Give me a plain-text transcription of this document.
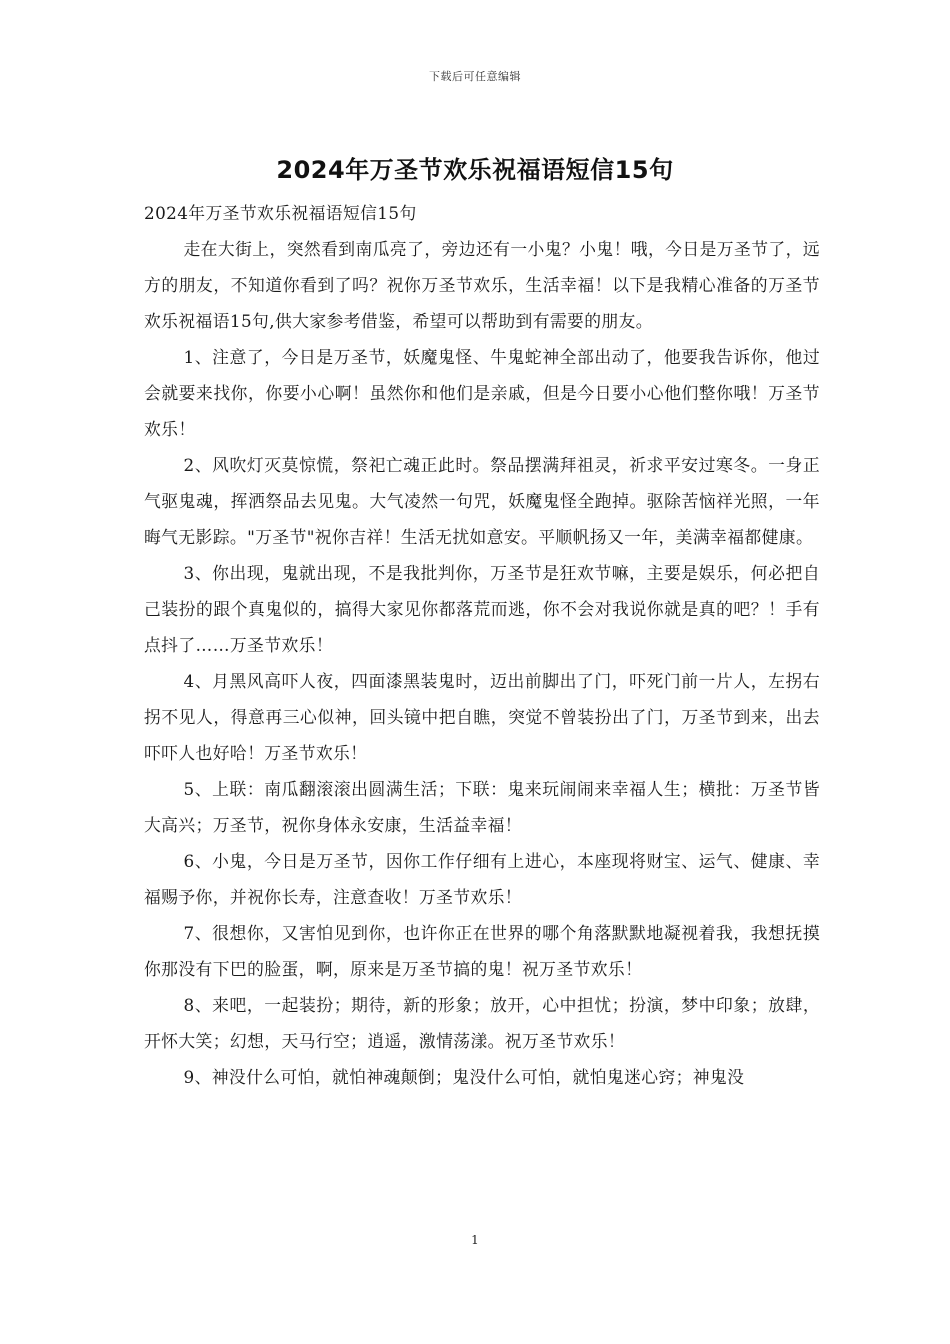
下载后可任意编辑
2024年万圣节欢乐祝福语短信15句

2024年万圣节欢乐祝福语短信15句

走在大街上，突然看到南瓜亮了，旁边还有一小鬼？小鬼！哦，今日是万圣节了，远方的朋友，不知道你看到了吗？祝你万圣节欢乐，生活幸福！以下是我精心准备的万圣节欢乐祝福语15句,供大家参考借鉴，希望可以帮助到有需要的朋友。

1、注意了，今日是万圣节，妖魔鬼怪、牛鬼蛇神全部出动了，他要我告诉你，他过会就要来找你，你要小心啊！虽然你和他们是亲戚，但是今日要小心他们整你哦！万圣节欢乐！

2、风吹灯灭莫惊慌，祭祀亡魂正此时。祭品摆满拜祖灵，祈求平安过寒冬。一身正气驱鬼魂，挥洒祭品去见鬼。大气凌然一句咒，妖魔鬼怪全跑掉。驱除苦恼祥光照，一年晦气无影踪。"万圣节"祝你吉祥！生活无扰如意安。平顺帆扬又一年，美满幸福都健康。

3、你出现，鬼就出现，不是我批判你，万圣节是狂欢节嘛，主要是娱乐，何必把自己装扮的跟个真鬼似的，搞得大家见你都落荒而逃，你不会对我说你就是真的吧？！手有点抖了……万圣节欢乐！

4、月黑风高吓人夜，四面漆黑装鬼时，迈出前脚出了门，吓死门前一片人，左拐右拐不见人，得意再三心似神，回头镜中把自瞧，突觉不曾装扮出了门，万圣节到来，出去吓吓人也好哈！万圣节欢乐！

5、上联：南瓜翻滚滚出圆满生活；下联：鬼来玩闹闹来幸福人生；横批：万圣节皆大高兴；万圣节，祝你身体永安康，生活益幸福！

6、小鬼，今日是万圣节，因你工作仔细有上进心，本座现将财宝、运气、健康、幸福赐予你，并祝你长寿，注意查收！万圣节欢乐！

7、很想你，又害怕见到你，也许你正在世界的哪个角落默默地凝视着我，我想抚摸你那没有下巴的脸蛋，啊，原来是万圣节搞的鬼！祝万圣节欢乐！

8、来吧，一起装扮；期待，新的形象；放开，心中担忧；扮演，梦中印象；放肆，开怀大笑；幻想，天马行空；逍遥，激情荡漾。祝万圣节欢乐！

9、神没什么可怕，就怕神魂颠倒；鬼没什么可怕，就怕鬼迷心窍；神鬼没

1
